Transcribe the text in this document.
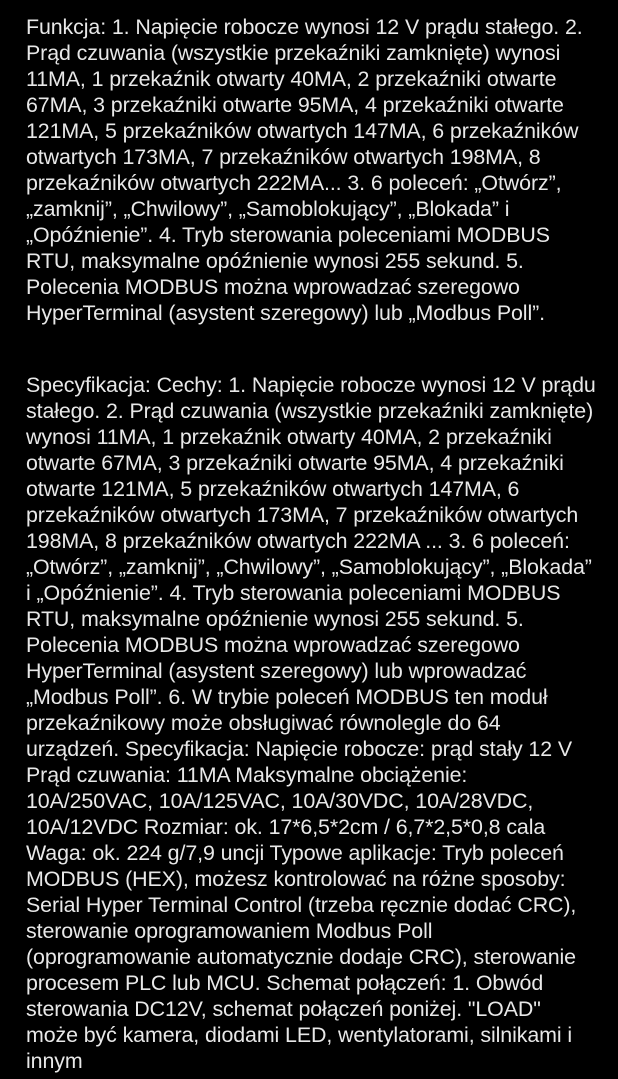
Funkcja: 1. Napięcie robocze wynosi 12 V prądu stałego. 2. Prąd czuwania (wszystkie przekaźniki zamknięte) wynosi 11MA, 1 przekaźnik otwarty 40MA, 2 przekaźniki otwarte 67MA, 3 przekaźniki otwarte 95MA, 4 przekaźniki otwarte 121MA, 5 przekaźników otwartych 147MA, 6 przekaźników otwartych 173MA, 7 przekaźników otwartych 198MA, 8 przekaźników otwartych 222MA... 3. 6 poleceń: „Otwórz”, „zamknij”, „Chwilowy”, „Samoblokujący”, „Blokada” i „Opóźnienie”. 4. Tryb sterowania poleceniami MODBUS RTU, maksymalne opóźnienie wynosi 255 sekund. 5. Polecenia MODBUS można wprowadzać szeregowo HyperTerminal (asystent szeregowy) lub „Modbus Poll”.

Specyfikacja: Cechy: 1. Napięcie robocze wynosi 12 V prądu stałego. 2. Prąd czuwania (wszystkie przekaźniki zamknięte) wynosi 11MA, 1 przekaźnik otwarty 40MA, 2 przekaźniki otwarte 67MA, 3 przekaźniki otwarte 95MA, 4 przekaźniki otwarte 121MA, 5 przekaźników otwartych 147MA, 6 przekaźników otwartych 173MA, 7 przekaźników otwartych 198MA, 8 przekaźników otwartych 222MA ... 3. 6 poleceń: „Otwórz”, „zamknij”, „Chwilowy”, „Samoblokujący”, „Blokada” i „Opóźnienie”. 4. Tryb sterowania poleceniami MODBUS RTU, maksymalne opóźnienie wynosi 255 sekund. 5. Polecenia MODBUS można wprowadzać szeregowo HyperTerminal (asystent szeregowy) lub wprowadzać „Modbus Poll”. 6. W trybie poleceń MODBUS ten moduł przekaźnikowy może obsługiwać równolegle do 64 urządzeń. Specyfikacja: Napięcie robocze: prąd stały 12 V Prąd czuwania: 11MA Maksymalne obciążenie: 10A/250VAC, 10A/125VAC, 10A/30VDC, 10A/28VDC, 10A/12VDC Rozmiar: ok. 17*6,5*2cm / 6,7*2,5*0,8 cala Waga: ok. 224 g/7,9 uncji Typowe aplikacje: Tryb poleceń MODBUS (HEX), możesz kontrolować na różne sposoby: Serial Hyper Terminal Control (trzeba ręcznie dodać CRC), sterowanie oprogramowaniem Modbus Poll (oprogramowanie automatycznie dodaje CRC), sterowanie procesem PLC lub MCU. Schemat połączeń: 1. Obwód sterowania DC12V, schemat połączeń poniżej. "LOAD" może być kamera, diodami LED, wentylatorami, silnikami i innym
